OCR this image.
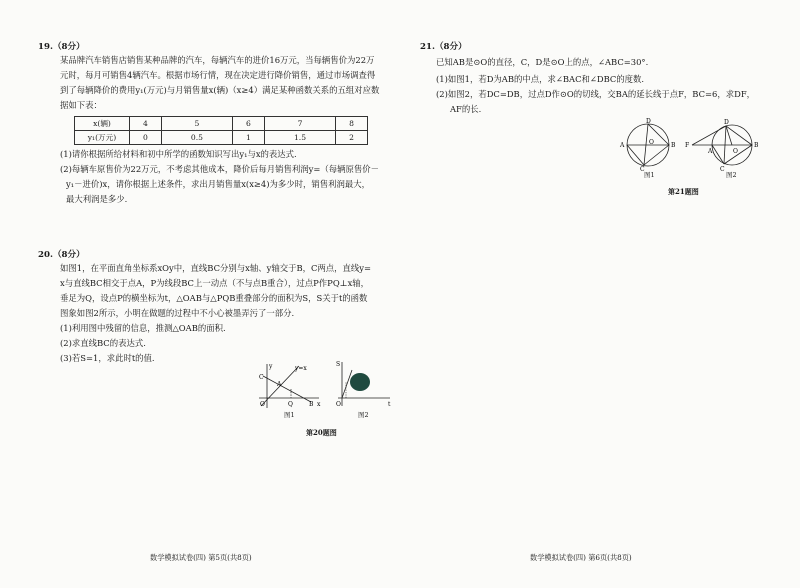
19.（8分）
某品牌汽车销售店销售某种品牌的汽车，每辆汽车的进价16万元，当每辆售价为22万
元时，每月可销售4辆汽车。根据市场行情，现在决定进行降价销售，通过市场调查得
到了每辆降价的费用y₁(万元)与月销售量x(辆)（x≥4）满足某种函数关系的五组对应数
据如下表：
x(辆)	4	5	6	7	8
y₁(万元)	0	0.5	1	1.5	2
(1)请你根据所给材料和初中所学的函数知识写出y₁与x的表达式.
(2)每辆车原售价为22万元，不考虑其他成本，降价后每月销售利润y=（每辆原售价－
y₁－进价)x，请你根据上述条件，求出月销售量x(x≥4)为多少时，销售利润最大，
最大利润是多少.
20.（8分）
如图1，在平面直角坐标系xOy中，直线BC分别与x轴、y轴交于B，C两点，直线y=
x与直线BC相交于点A，P为线段BC上一动点（不与点B重合），过点P作PQ⊥x轴，
垂足为Q，设点P的横坐标为t，△OAB与△PQB重叠部分的面积为S，S关于t的函数
图象如图2所示，小明在做题的过程中不小心被墨弄污了一部分.
(1)利用图中残留的信息，推测△OAB的面积.
(2)求直线BC的表达式.
(3)若S=1，求此时t的值.
y
x
C
A
O	Q	B
y=x
图1
S
O	t
图2
第20题图
数学模拟试卷(四) 第5页(共8页)
21.（8分）
已知AB是⊙O的直径，C，D是⊙O上的点，∠ABC=30°.
(1)如图1，若D为AB的中点，求∠BAC和∠DBC的度数.
(2)如图2，若DC=DB，过点D作⊙O的切线，交BA的延长线于点F，BC=6，求DF，
AF的长.
D
A	O	B
C
图1
D
F
A	O
B
C
图2
第21题图
数学模拟试卷(四) 第6页(共8页)
